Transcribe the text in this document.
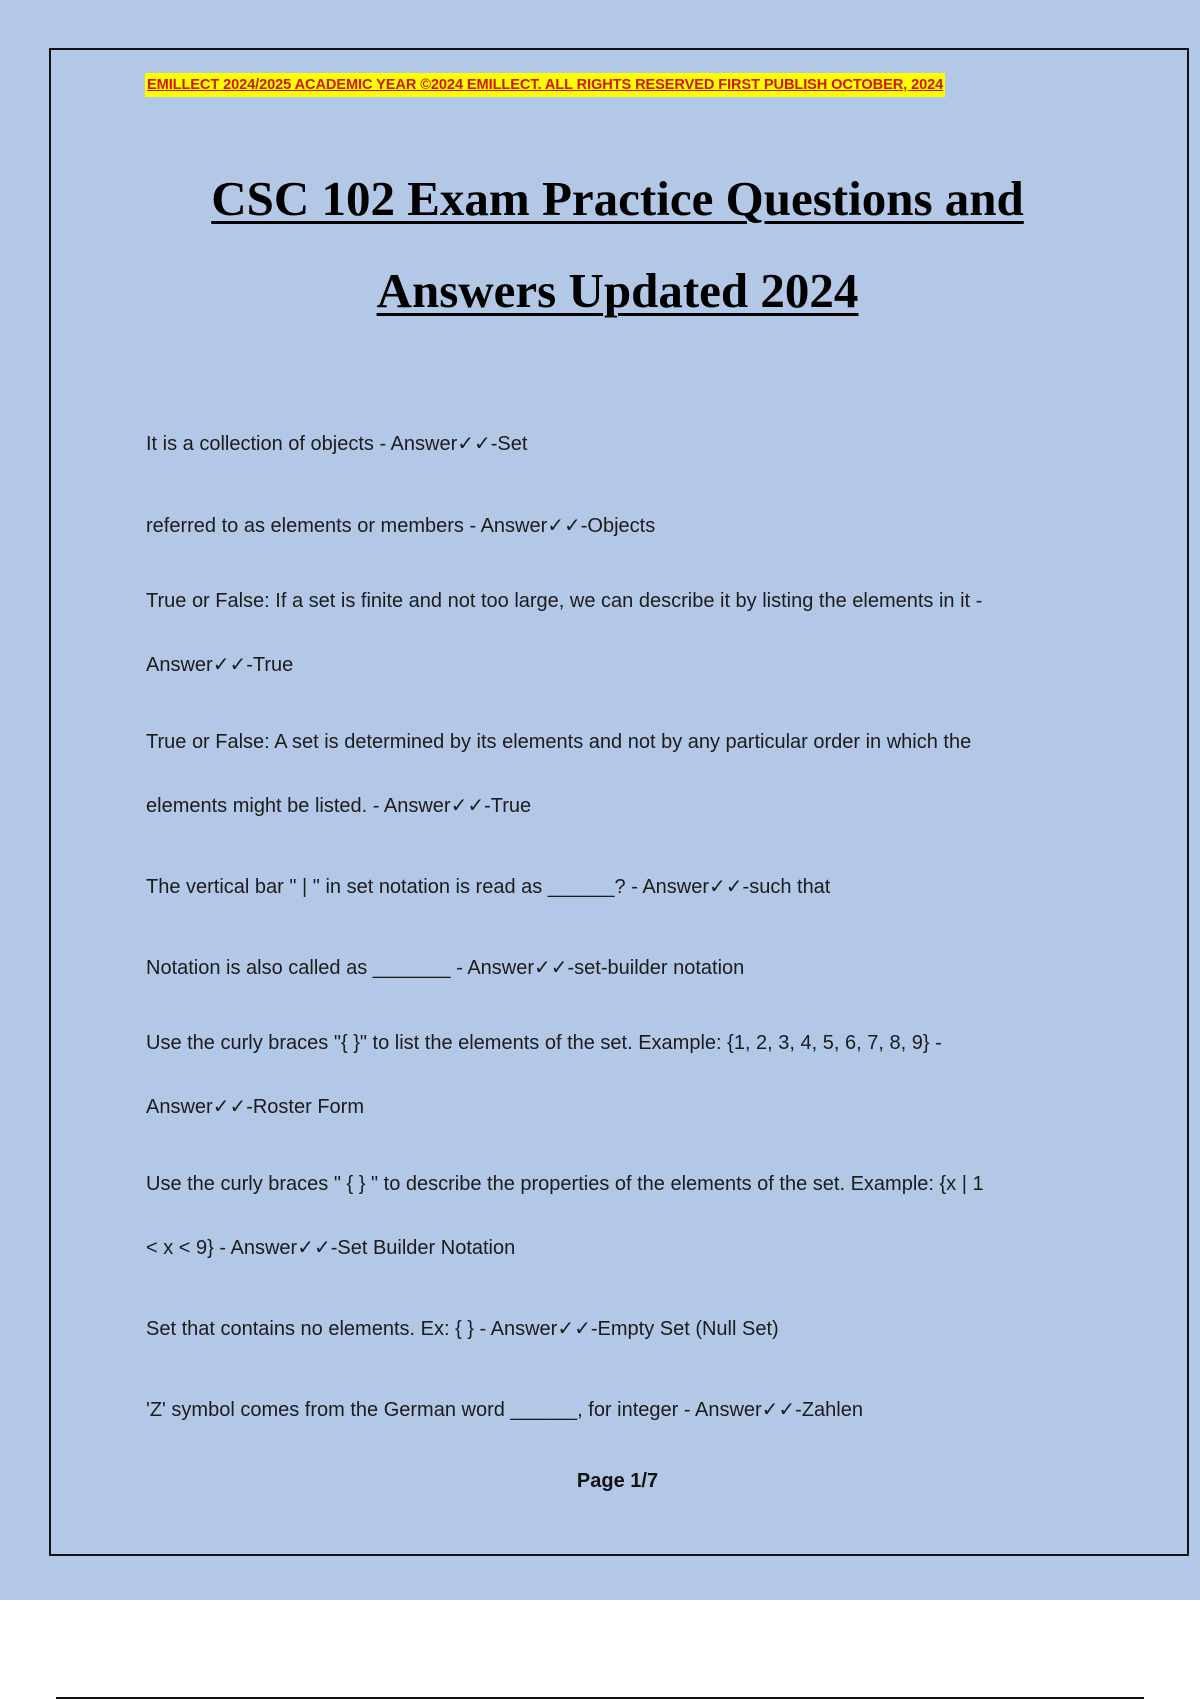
EMILLECT 2024/2025 ACADEMIC YEAR ©2024 EMILLECT. ALL RIGHTS RESERVED FIRST PUBLISH OCTOBER, 2024
CSC 102 Exam Practice Questions and
Answers Updated 2024

It is a collection of objects - Answer✓✓-Set

referred to as elements or members - Answer✓✓-Objects

True or False: If a set is finite and not too large, we can describe it by listing the elements in it -

Answer✓✓-True

True or False: A set is determined by its elements and not by any particular order in which the

elements might be listed. - Answer✓✓-True

The vertical bar " | " in set notation is read as ______? - Answer✓✓-such that

Notation is also called as _______ - Answer✓✓-set-builder notation

Use the curly braces "{ }" to list the elements of the set. Example: {1, 2, 3, 4, 5, 6, 7, 8, 9} -

Answer✓✓-Roster Form

Use the curly braces " { } " to describe the properties of the elements of the set. Example: {x | 1

< x < 9} - Answer✓✓-Set Builder Notation

Set that contains no elements. Ex: { } - Answer✓✓-Empty Set (Null Set)

'Z' symbol comes from the German word ______, for integer - Answer✓✓-Zahlen

Page 1/7
